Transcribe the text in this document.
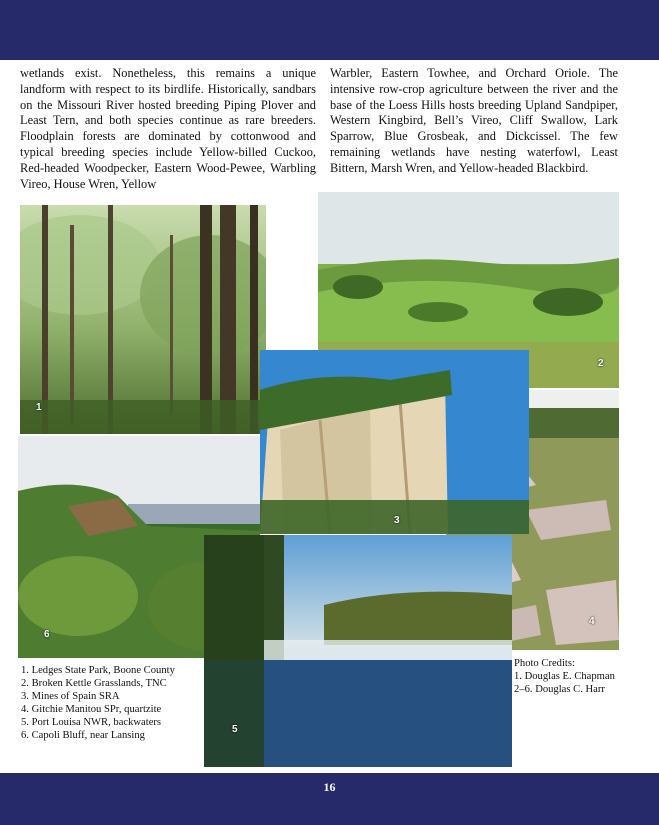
wetlands exist. Nonetheless, this remains a unique landform with respect to its birdlife. Historically, sandbars on the Missouri River hosted breeding Piping Plover and Least Tern, and both species continue as rare breeders. Floodplain forests are dominated by cottonwood and typical breeding species include Yellow-billed Cuckoo, Red-headed Woodpecker, Eastern Wood-Pewee, Warbling Vireo, House Wren, Yellow
Warbler, Eastern Towhee, and Orchard Oriole. The intensive row-crop agriculture between the river and the base of the Loess Hills hosts breeding Upland Sandpiper, Western Kingbird, Bell’s Vireo, Cliff Swallow, Lark Sparrow, Blue Grosbeak, and Dickcissel. The few remaining wetlands have nesting waterfowl, Least Bittern, Marsh Wren, and Yellow-headed Blackbird.
1
2
4
3
6
5
1. Ledges State Park, Boone County
2. Broken Kettle Grasslands, TNC
3. Mines of Spain SRA
4. Gitchie Manitou SPr, quartzite
5. Port Louisa NWR, backwaters
6. Capoli Bluff, near Lansing
Photo Credits:
1. Douglas E. Chapman
2–6. Douglas C. Harr
16
